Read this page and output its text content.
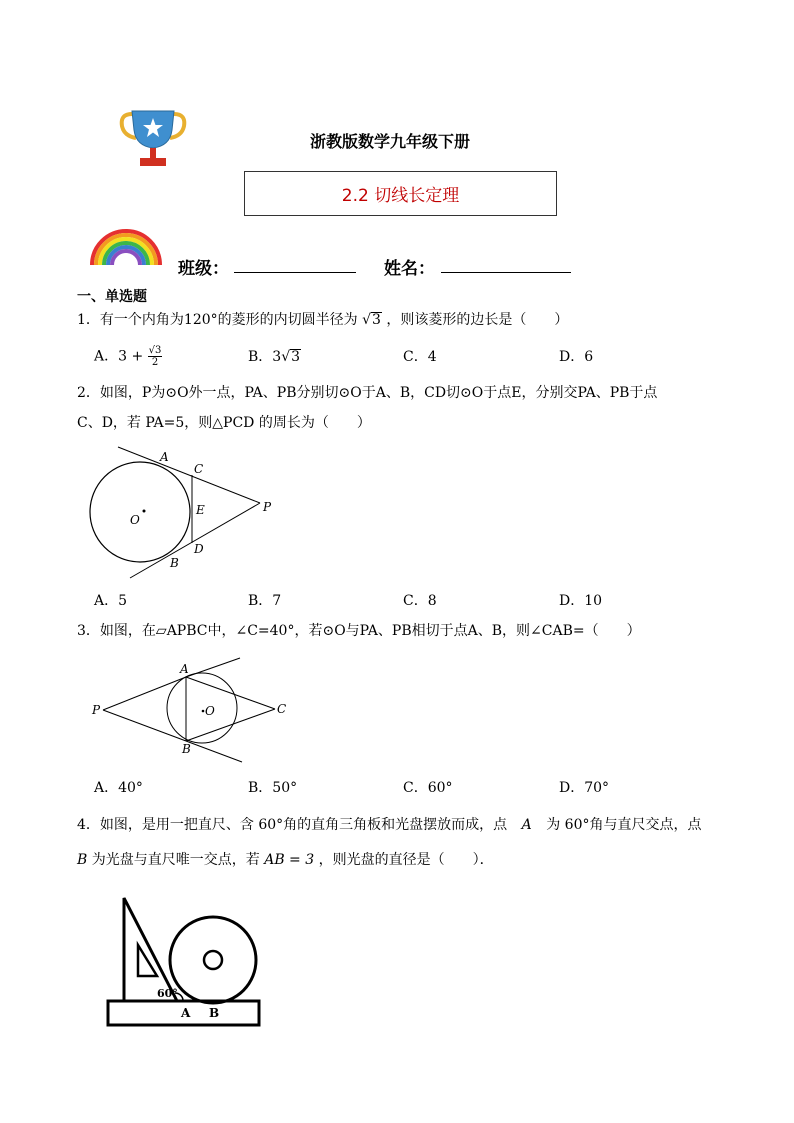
浙教版数学九年级下册
2.2 切线长定理
班级：	姓名：
一、单选题
1．有一个内角为120°的菱形的内切圆半径为 √3 ，则该菱形的边长是（　　）
A．$3 + \frac{√3}{2}$	B．3√3	C．4	D．6
2．如图，P为⊙O外一点，PA、PB分别切⊙O于A、B，CD切⊙O于点E，分别交PA、PB于点
C、D，若 PA=5，则△PCD 的周长为（　　）
A
C
E
O
P
D
B
A．5	B．7	C．8	D．10
3．如图，在▱APBC中，∠C=40°，若⊙O与PA、PB相切于点A、B，则∠CAB=（　　）
A
P	O	C
B
A．40°	B．50°	C．60°	D．70°
4．如图，是用一把直尺、含 60°角的直角三角板和光盘摆放而成，点 𝐴 为 60°角与直尺交点，点
B 为光盘与直尺唯一交点，若 AB = 3 ，则光盘的直径是（　　）．
60°
A B
